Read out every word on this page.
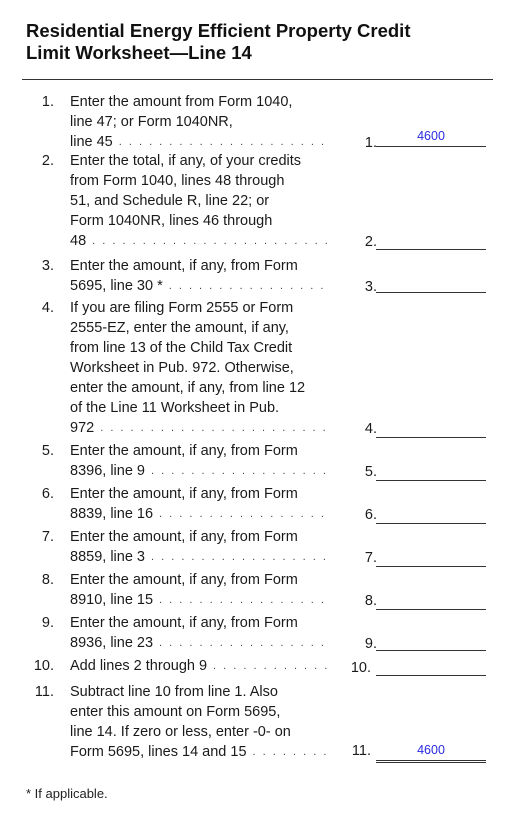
Residential Energy Efficient Property Credit
Limit Worksheet—Line 14
1. Enter the amount from Form 1040,
line 47; or Form 1040NR,
line 45 . . .	1.	4600
2. Enter the total, if any, of your credits
from Form 1040, lines 48 through
51, and Schedule R, line 22; or
Form 1040NR, lines 46 through
48 . . .	2.
3. Enter the amount, if any, from Form
5695, line 30 * . . .	3.
4. If you are filing Form 2555 or Form
2555-EZ, enter the amount, if any,
from line 13 of the Child Tax Credit
Worksheet in Pub. 972. Otherwise,
enter the amount, if any, from line 12
of the Line 11 Worksheet in Pub.
972 . . .	4.
5. Enter the amount, if any, from Form
8396, line 9 . . .	5.
6. Enter the amount, if any, from Form
8839, line 16 . . .	6.
7. Enter the amount, if any, from Form
8859, line 3 . . .	7.
8. Enter the amount, if any, from Form
8910, line 15 . . .	8.
9. Enter the amount, if any, from Form
8936, line 23 . . .	9.
10. Add lines 2 through 9 . . .	10.
11. Subtract line 10 from line 1. Also
enter this amount on Form 5695,
line 14. If zero or less, enter -0- on
Form 5695, lines 14 and 15 . . .	11.	4600
* If applicable.
